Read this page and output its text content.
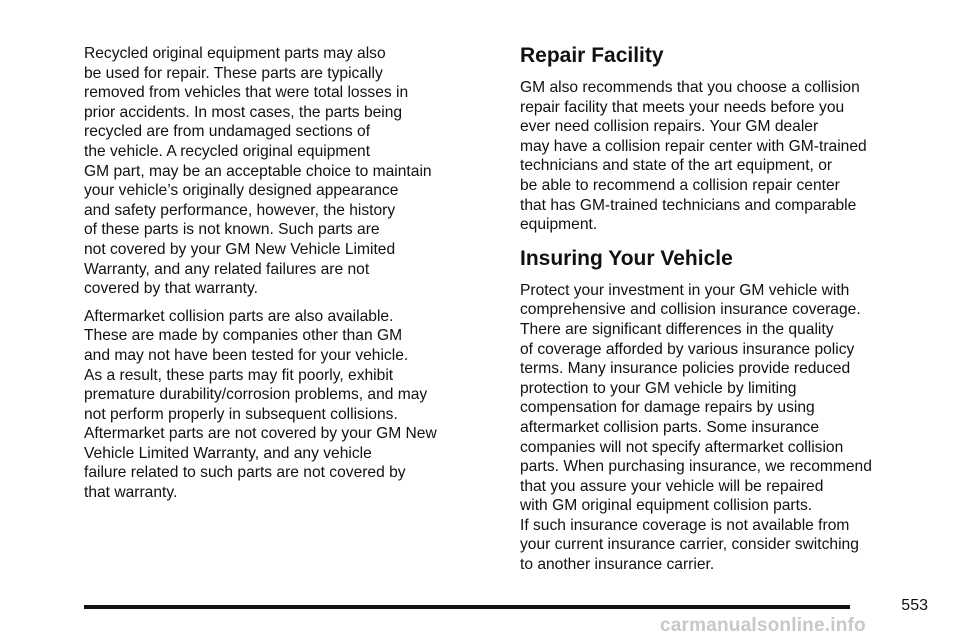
Recycled original equipment parts may also
be used for repair. These parts are typically
removed from vehicles that were total losses in
prior accidents. In most cases, the parts being
recycled are from undamaged sections of
the vehicle. A recycled original equipment
GM part, may be an acceptable choice to maintain
your vehicle’s originally designed appearance
and safety performance, however, the history
of these parts is not known. Such parts are
not covered by your GM New Vehicle Limited
Warranty, and any related failures are not
covered by that warranty.

Aftermarket collision parts are also available.
These are made by companies other than GM
and may not have been tested for your vehicle.
As a result, these parts may fit poorly, exhibit
premature durability/corrosion problems, and may
not perform properly in subsequent collisions.
Aftermarket parts are not covered by your GM New
Vehicle Limited Warranty, and any vehicle
failure related to such parts are not covered by
that warranty.

Repair Facility

GM also recommends that you choose a collision
repair facility that meets your needs before you
ever need collision repairs. Your GM dealer
may have a collision repair center with GM-trained
technicians and state of the art equipment, or
be able to recommend a collision repair center
that has GM-trained technicians and comparable
equipment.

Insuring Your Vehicle

Protect your investment in your GM vehicle with
comprehensive and collision insurance coverage.
There are significant differences in the quality
of coverage afforded by various insurance policy
terms. Many insurance policies provide reduced
protection to your GM vehicle by limiting
compensation for damage repairs by using
aftermarket collision parts. Some insurance
companies will not specify aftermarket collision
parts. When purchasing insurance, we recommend
that you assure your vehicle will be repaired
with GM original equipment collision parts.
If such insurance coverage is not available from
your current insurance carrier, consider switching
to another insurance carrier.

553
carmanualsonline.info
